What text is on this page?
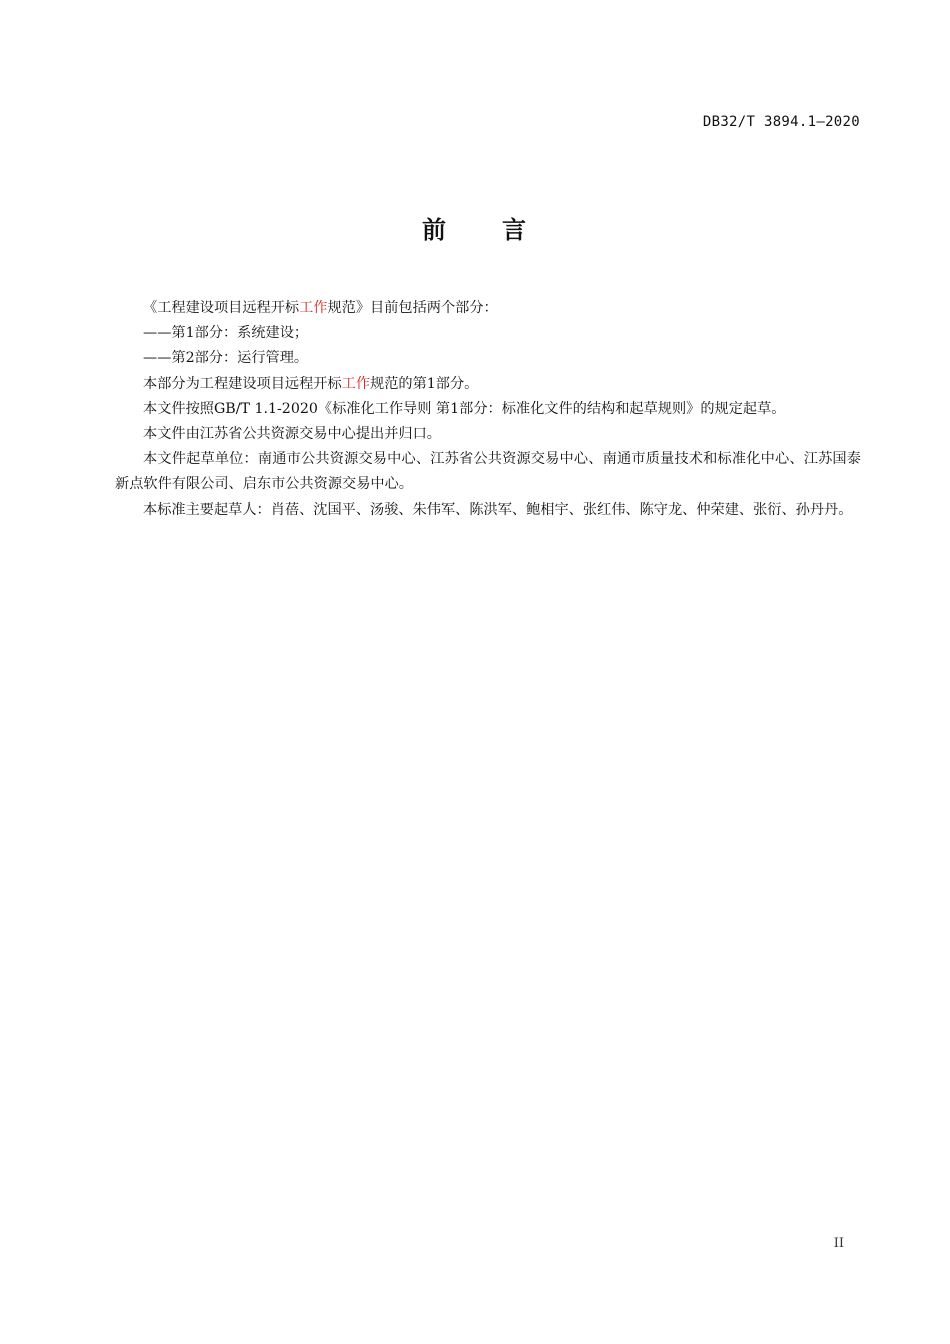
DB32/T 3894.1—2020
前 言

《工程建设项目远程开标工作规范》目前包括两个部分：

——第1部分：系统建设；

——第2部分：运行管理。

本部分为工程建设项目远程开标工作规范的第1部分。

本文件按照GB/T 1.1-2020《标准化工作导则 第1部分：标准化文件的结构和起草规则》的规定起草。

本文件由江苏省公共资源交易中心提出并归口。

本文件起草单位：南通市公共资源交易中心、江苏省公共资源交易中心、南通市质量技术和标准化中心、江苏国泰新点软件有限公司、启东市公共资源交易中心。

本标准主要起草人：肖蓓、沈国平、汤骏、朱伟军、陈洪军、鲍相宇、张红伟、陈守龙、仲荣建、张衍、孙丹丹。

II
